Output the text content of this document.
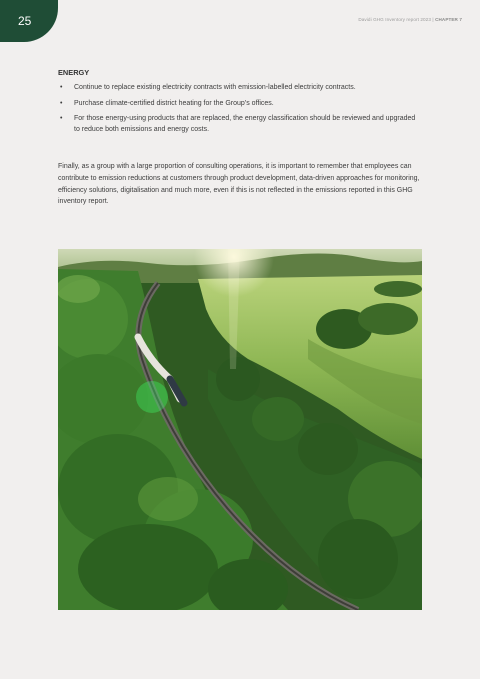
25	Davidi GHG Inventory report 2023 | CHAPTER 7
ENERGY
• Continue to replace existing electricity contracts with emission-labelled electricity contracts.
• Purchase climate-certified district heating for the Group’s offices.
• For those energy-using products that are replaced, the energy classification should be reviewed and upgraded to reduce both emissions and energy costs.

Finally, as a group with a large proportion of consulting operations, it is important to remember that employees can contribute to emission reductions at customers through product development, data-driven approaches for monitoring, efficiency solutions, digitalisation and much more, even if this is not reflected in the emissions reported in this GHG inventory report.
